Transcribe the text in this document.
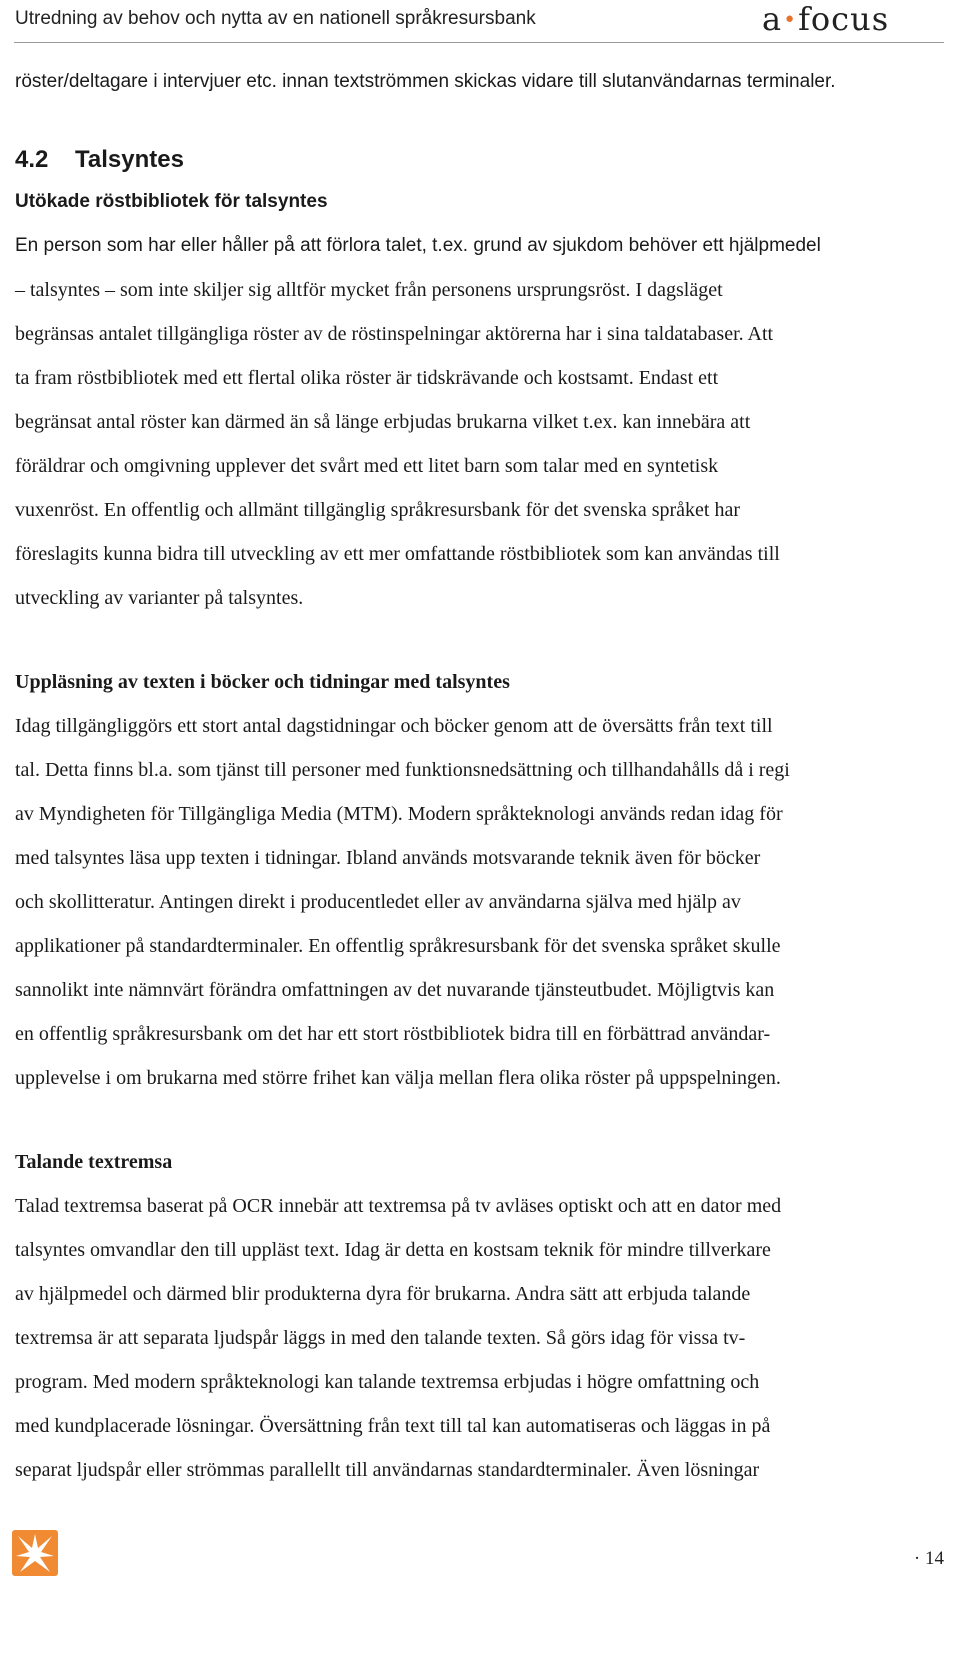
Utredning av behov och nytta av en nationell språkresursbank	a•focus

röster/deltagare i intervjuer etc. innan textströmmen skickas vidare till slutanvändarnas terminaler.

4.2 Talsyntes
Utökade röstbibliotek för talsyntes
En person som har eller håller på att förlora talet, t.ex. grund av sjukdom behöver ett hjälpmedel
– talsyntes – som inte skiljer sig alltför mycket från personens ursprungsröst. I dagsläget
begränsas antalet tillgängliga röster av de röstinspelningar aktörerna har i sina taldatabaser. Att
ta fram röstbibliotek med ett flertal olika röster är tidskrävande och kostsamt. Endast ett
begränsat antal röster kan därmed än så länge erbjudas brukarna vilket t.ex. kan innebära att
föräldrar och omgivning upplever det svårt med ett litet barn som talar med en syntetisk
vuxenröst. En offentlig och allmänt tillgänglig språkresursbank för det svenska språket har
föreslagits kunna bidra till utveckling av ett mer omfattande röstbibliotek som kan användas till
utveckling av varianter på talsyntes.
Uppläsning av texten i böcker och tidningar med talsyntes
Idag tillgängliggörs ett stort antal dagstidningar och böcker genom att de översätts från text till
tal. Detta finns bl.a. som tjänst till personer med funktionsnedsättning och tillhandahålls då i regi
av Myndigheten för Tillgängliga Media (MTM). Modern språkteknologi används redan idag för
med talsyntes läsa upp texten i tidningar. Ibland används motsvarande teknik även för böcker
och skollitteratur. Antingen direkt i producentledet eller av användarna själva med hjälp av
applikationer på standardterminaler. En offentlig språkresursbank för det svenska språket skulle
sannolikt inte nämnvärt förändra omfattningen av det nuvarande tjänsteutbudet. Möjligtvis kan
en offentlig språkresursbank om det har ett stort röstbibliotek bidra till en förbättrad användar-
upplevelse i om brukarna med större frihet kan välja mellan flera olika röster på uppspelningen.
Talande textremsa
Talad textremsa baserat på OCR innebär att textremsa på tv avläses optiskt och att en dator med
talsyntes omvandlar den till uppläst text. Idag är detta en kostsam teknik för mindre tillverkare
av hjälpmedel och därmed blir produkterna dyra för brukarna. Andra sätt att erbjuda talande
textremsa är att separata ljudspår läggs in med den talande texten. Så görs idag för vissa tv-
program. Med modern språkteknologi kan talande textremsa erbjudas i högre omfattning och
med kundplacerade lösningar. Översättning från text till tal kan automatiseras och läggas in på
separat ljudspår eller strömmas parallellt till användarnas standardterminaler. Även lösningar
· 14
